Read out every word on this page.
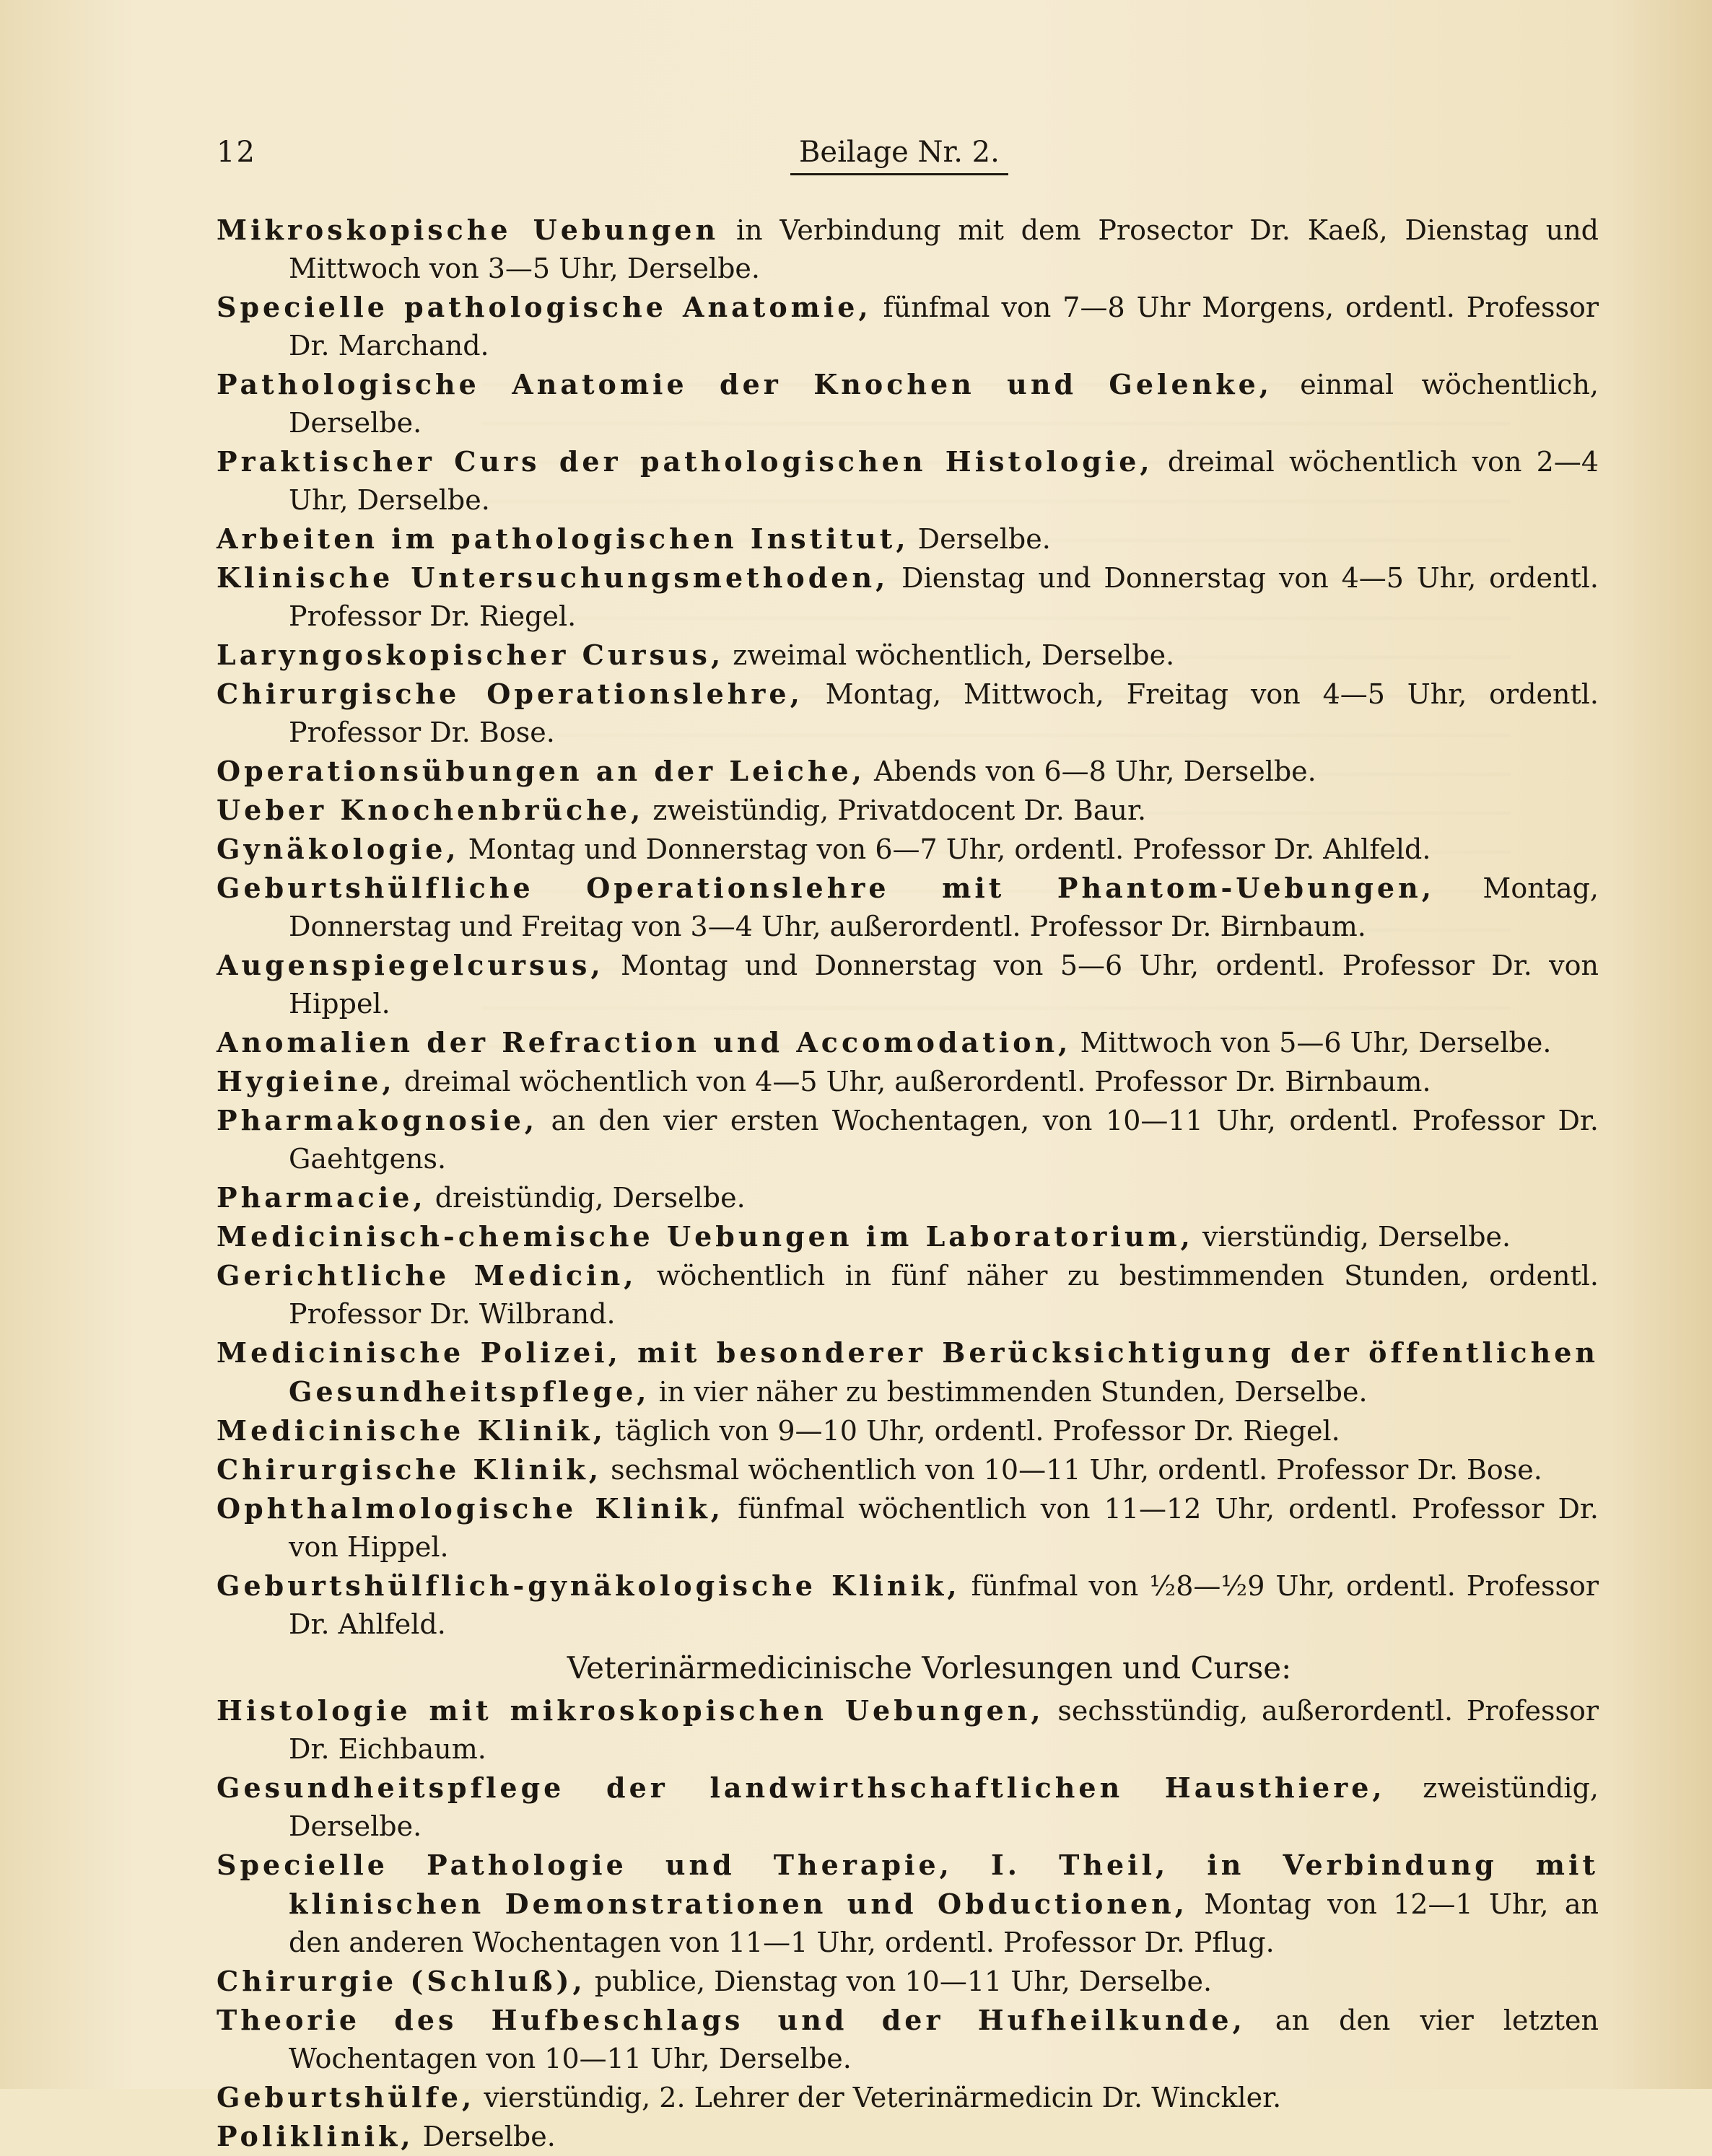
12	Beilage Nr. 2.
Mikroskopische Uebungen in Verbindung mit dem Prosector Dr. Kaeß, Dienstag und Mittwoch von 3—5 Uhr, Derselbe.
Specielle pathologische Anatomie, fünfmal von 7—8 Uhr Morgens, ordentl. Professor Dr. Marchand.
Pathologische Anatomie der Knochen und Gelenke, einmal wöchentlich, Derselbe.
Praktischer Curs der pathologischen Histologie, dreimal wöchentlich von 2—4 Uhr, Derselbe.
Arbeiten im pathologischen Institut, Derselbe.
Klinische Untersuchungsmethoden, Dienstag und Donnerstag von 4—5 Uhr, ordentl. Professor Dr. Riegel.
Laryngoskopischer Cursus, zweimal wöchentlich, Derselbe.
Chirurgische Operationslehre, Montag, Mittwoch, Freitag von 4—5 Uhr, ordentl. Professor Dr. Bose.
Operationsübungen an der Leiche, Abends von 6—8 Uhr, Derselbe.
Ueber Knochenbrüche, zweistündig, Privatdocent Dr. Baur.
Gynäkologie, Montag und Donnerstag von 6—7 Uhr, ordentl. Professor Dr. Ahlfeld.
Geburtshülfliche Operationslehre mit Phantom-Uebungen, Montag, Donnerstag und Freitag von 3—4 Uhr, außerordentl. Professor Dr. Birnbaum.
Augenspiegelcursus, Montag und Donnerstag von 5—6 Uhr, ordentl. Professor Dr. von Hippel.
Anomalien der Refraction und Accomodation, Mittwoch von 5—6 Uhr, Derselbe.
Hygieine, dreimal wöchentlich von 4—5 Uhr, außerordentl. Professor Dr. Birnbaum.
Pharmakognosie, an den vier ersten Wochentagen, von 10—11 Uhr, ordentl. Professor Dr. Gaehtgens.
Pharmacie, dreistündig, Derselbe.
Medicinisch-chemische Uebungen im Laboratorium, vierstündig, Derselbe.
Gerichtliche Medicin, wöchentlich in fünf näher zu bestimmenden Stunden, ordentl. Professor Dr. Wilbrand.
Medicinische Polizei, mit besonderer Berücksichtigung der öffentlichen Gesundheitspflege, in vier näher zu bestimmenden Stunden, Derselbe.
Medicinische Klinik, täglich von 9—10 Uhr, ordentl. Professor Dr. Riegel.
Chirurgische Klinik, sechsmal wöchentlich von 10—11 Uhr, ordentl. Professor Dr. Bose.
Ophthalmologische Klinik, fünfmal wöchentlich von 11—12 Uhr, ordentl. Professor Dr. von Hippel.
Geburtshülflich-gynäkologische Klinik, fünfmal von ½8—½9 Uhr, ordentl. Professor Dr. Ahlfeld.
Veterinärmedicinische Vorlesungen und Curse:
Histologie mit mikroskopischen Uebungen, sechsstündig, außerordentl. Professor Dr. Eichbaum.
Gesundheitspflege der landwirthschaftlichen Hausthiere, zweistündig, Derselbe.
Specielle Pathologie und Therapie, I. Theil, in Verbindung mit klinischen Demonstrationen und Obductionen, Montag von 12—1 Uhr, an den anderen Wochentagen von 11—1 Uhr, ordentl. Professor Dr. Pflug.
Chirurgie (Schluß), publice, Dienstag von 10—11 Uhr, Derselbe.
Theorie des Hufbeschlags und der Hufheilkunde, an den vier letzten Wochentagen von 10—11 Uhr, Derselbe.
Geburtshülfe, vierstündig, 2. Lehrer der Veterinärmedicin Dr. Winckler.
Poliklinik, Derselbe.
